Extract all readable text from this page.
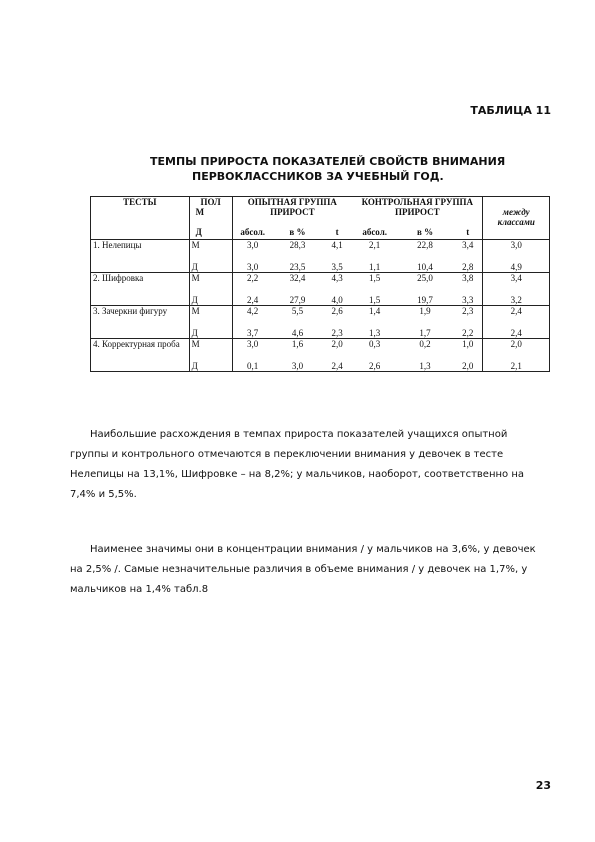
ТАБЛИЦА 11
ТЕМПЫ ПРИРОСТА ПОКАЗАТЕЛЕЙ СВОЙСТВ ВНИМАНИЯ
ПЕРВОКЛАССНИКОВ ЗА УЧЕБНЫЙ ГОД.
ТЕСТЫ	ПОЛ	ОПЫТНАЯ ГРУППА			КОНТРОЛЬНАЯ ГРУППА			
	М	ПРИРОСТ			ПРИРОСТ			между классами
	Д	абсол.	в %	t	абсол.	в %	t	
1. Нелепицы	М	3,0	28,3	4,1	2,1	22,8	3,4	3,0
	Д	3,0	23,5	3,5	1,1	10,4	2,8	4,9
2. Шифровка	М	2,2	32,4	4,3	1,5	25,0	3,8	3,4
	Д	2,4	27,9	4,0	1,5	19,7	3,3	3,2
3. Зачеркни фигуру	М	4,2	5,5	2,6	1,4	1,9	2,3	2,4
	Д	3,7	4,6	2,3	1,3	1,7	2,2	2,4
4. Корректурная проба	М	3,0	1,6	2,0	0,3	0,2	1,0	2,0
	Д	0,1	3,0	2,4	2,6	1,3	2,0	2,1
Наибольшие расхождения в темпах прироста показателей учащихся опытной группы и контрольного отмечаются в переключении внимания у девочек в тесте Нелепицы на 13,1%, Шифровке – на 8,2%; у мальчиков, наоборот, соответственно на 7,4% и 5,5%.
Наименее значимы они в концентрации внимания / у мальчиков на 3,6%, у девочек на 2,5% /. Самые незначительные различия в объеме внимания / у девочек на 1,7%, у мальчиков на 1,4% табл.8
23
